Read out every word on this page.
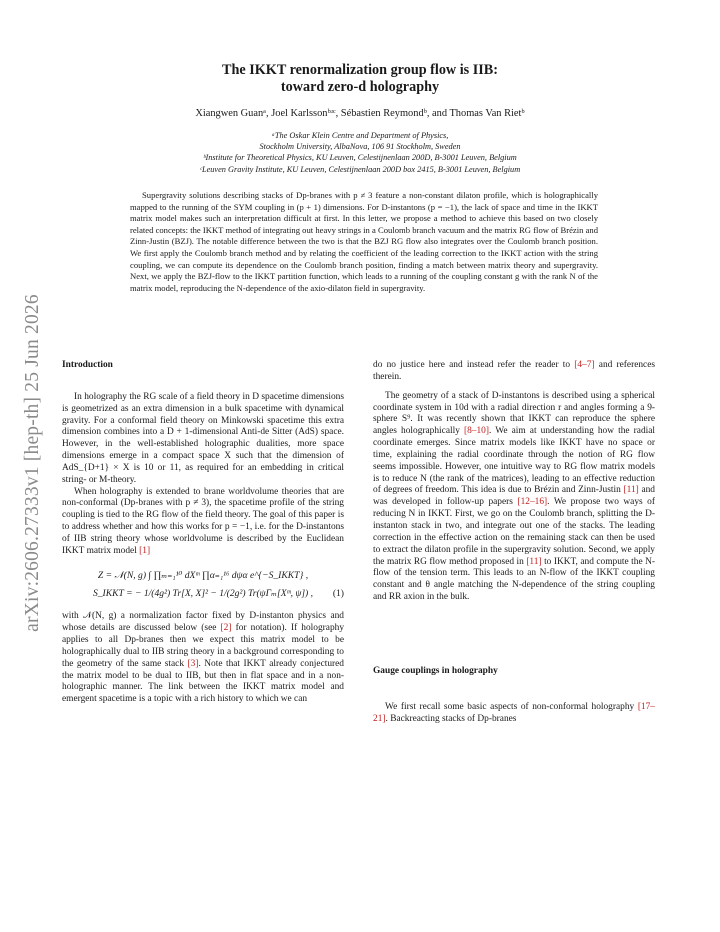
arXiv:2606.27333v1 [hep-th] 25 Jun 2026
The IKKT renormalization group flow is IIB:
toward zero-d holography
Xiangwen Guanᵃ, Joel Karlssonᵇʴᶜ, Sébastien Reymondᵇ, and Thomas Van Rietᵇ
ᵃThe Oskar Klein Centre and Department of Physics,
Stockholm University, AlbaNova, 106 91 Stockholm, Sweden
ᵇInstitute for Theoretical Physics, KU Leuven, Celestijnenlaan 200D, B-3001 Leuven, Belgium
ᶜLeuven Gravity Institute, KU Leuven, Celestijnenlaan 200D box 2415, B-3001 Leuven, Belgium
Supergravity solutions describing stacks of Dp-branes with p ≠ 3 feature a non-constant dilaton profile, which is holographically mapped to the running of the SYM coupling in (p + 1) dimensions. For D-instantons (p = −1), the lack of space and time in the IKKT matrix model makes such an interpretation difficult at first. In this letter, we propose a method to achieve this based on two closely related concepts: the IKKT method of integrating out heavy strings in a Coulomb branch vacuum and the matrix RG flow of Brézin and Zinn-Justin (BZJ). The notable difference between the two is that the BZJ RG flow also integrates over the Coulomb branch position. We first apply the Coulomb branch method and by relating the coefficient of the leading correction to the IKKT action with the string coupling, we can compute its dependence on the Coulomb branch position, finding a match between matrix theory and supergravity. Next, we apply the BZJ-flow to the IKKT partition function, which leads to a running of the coupling constant g with the rank N of the matrix model, reproducing the N-dependence of the axio-dilaton field in supergravity.

Introduction

In holography the RG scale of a field theory in D spacetime dimensions is geometrized as an extra dimension in a bulk spacetime with dynamical gravity. For a conformal field theory on Minkowski spacetime this extra dimension combines into a D + 1-dimensional Anti-de Sitter (AdS) space. However, in the well-established holographic dualities, more space dimensions emerge in a compact space X such that the dimension of AdS_{D+1} × X is 10 or 11, as required for an embedding in critical string- or M-theory.

When holography is extended to brane worldvolume theories that are non-conformal (Dp-branes with p ≠ 3), the spacetime profile of the string coupling is tied to the RG flow of the field theory. The goal of this paper is to address whether and how this works for p = −1, i.e. for the D-instantons of IIB string theory whose worldvolume is described by the Euclidean IKKT matrix model [1]

Z = 𝒩(N, g) ∫ ∏ₘ₌₁¹⁰ dXᵐ ∏α₌₁¹⁶ dψα e^{−S_IKKT} ,
S_IKKT = − 1/(4g²) Tr[X, X]² − 1/(2g²) Tr(ψΓₘ[Xᵐ, ψ]) , (1)

with 𝒩(N, g) a normalization factor fixed by D-instanton physics and whose details are discussed below (see [2] for notation). If holography applies to all Dp-branes then we expect this matrix model to be holographically dual to IIB string theory in a background corresponding to the geometry of the same stack [3]. Note that IKKT already conjectured the matrix model to be dual to IIB, but then in flat space and in a non-holographic manner. The link between the IKKT matrix model and emergent spacetime is a topic with a rich history to which we can

do no justice here and instead refer the reader to [4–7] and references therein.

The geometry of a stack of D-instantons is described using a spherical coordinate system in 10d with a radial direction r and angles forming a 9-sphere S⁹. It was recently shown that IKKT can reproduce the sphere angles holographically [8–10]. We aim at understanding how the radial coordinate emerges. Since matrix models like IKKT have no space or time, explaining the radial coordinate through the notion of RG flow seems impossible. However, one intuitive way to RG flow matrix models is to reduce N (the rank of the matrices), leading to an effective reduction of degrees of freedom. This idea is due to Brézin and Zinn-Justin [11] and was developed in follow-up papers [12–16]. We propose two ways of reducing N in IKKT. First, we go on the Coulomb branch, splitting the D-instanton stack in two, and integrate out one of the stacks. The leading correction in the effective action on the remaining stack can then be used to extract the dilaton profile in the supergravity solution. Second, we apply the matrix RG flow method proposed in [11] to IKKT, and compute the N-flow of the tension term. This leads to an N-flow of the IKKT coupling constant and θ angle matching the N-dependence of the string coupling and RR axion in the bulk.

Gauge couplings in holography

We first recall some basic aspects of non-conformal holography [17–21]. Backreacting stacks of Dp-branes
